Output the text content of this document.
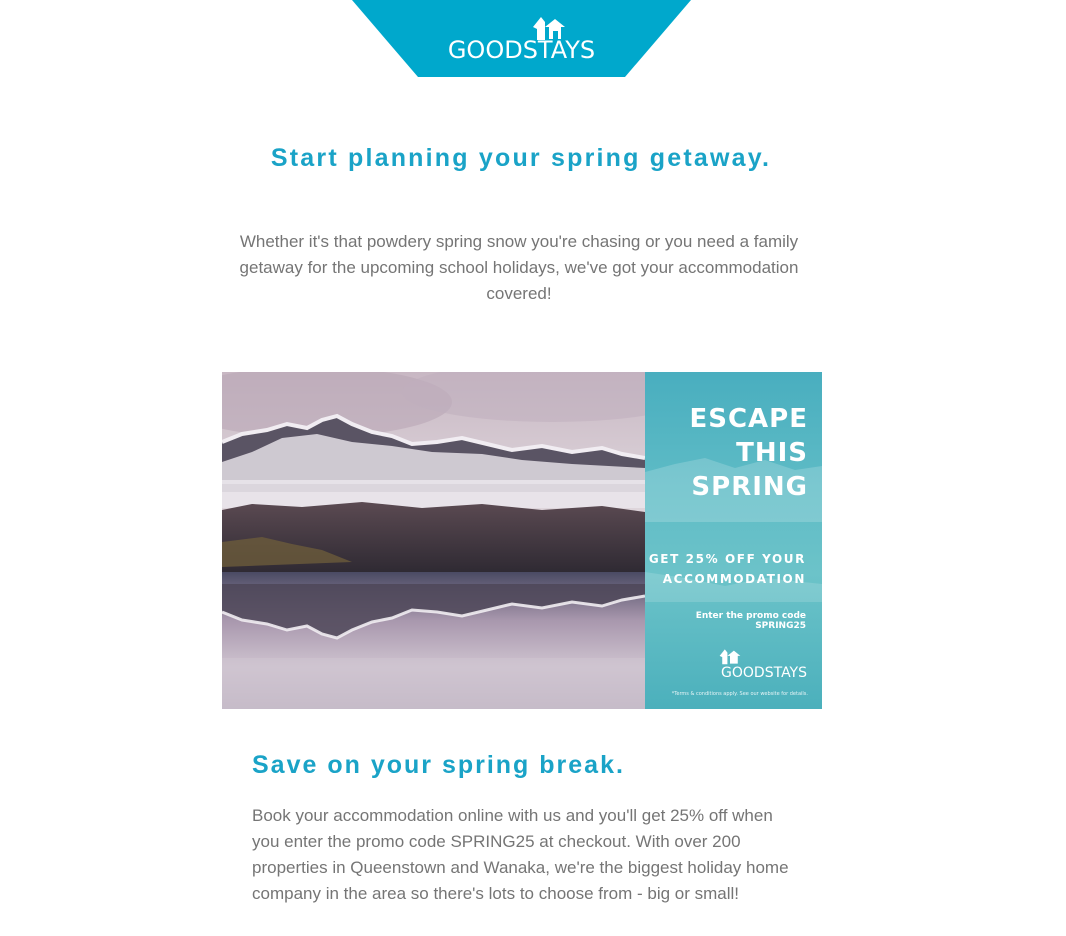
GOODSTAYS
Start planning your spring getaway.

Whether it's that powdery spring snow you're chasing or you need a family getaway for the upcoming school holidays, we've got your accommodation covered!

ESCAPE
THIS
SPRING
GET 25% OFF YOUR
ACCOMMODATION
Enter the promo code SPRING25
GOODSTAYS
*Terms & conditions apply. See our website for details.
Save on your spring break.

Book your accommodation online with us and you'll get 25% off when you enter the promo code SPRING25 at checkout. With over 200 properties in Queenstown and Wanaka, we're the biggest holiday home company in the area so there's lots to choose from - big or small!
